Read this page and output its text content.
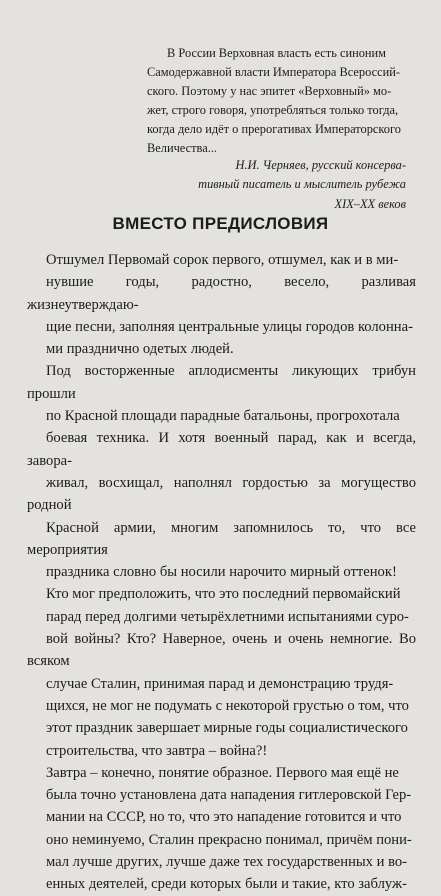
В России Верховная власть есть синоним
Самодержавной власти Императора Всероссий-
ского. Поэтому у нас эпитет «Верховный» мо-
жет, строго говоря, употребляться только тогда,
когда дело идёт о прерогативах Императорского
Величества...
Н.И. Черняев, русский консерва-
тивный писатель и мыслитель рубежа
XIX–XX веков
ВМЕСТО ПРЕДИСЛОВИЯ

Отшумел Первомай сорок первого, отшумел, как и в ми-
нувшие годы, радостно, весело, разливая жизнеутверждаю-
щие песни, заполняя центральные улицы городов колонна-
ми празднично одетых людей.

Под восторженные аплодисменты ликующих трибун прошли
по Красной площади парадные батальоны, прогрохотала
боевая техника. И хотя военный парад, как и всегда, заворa-
живал, восхищал, наполнял гордостью за могущество родной
Красной армии, многим запомнилось то, что все мероприятия
праздника словно бы носили нарочито мирный оттенок!

Кто мог предположить, что это последний первомайский
парад перед долгими четырёхлетними испытаниями суро-
вой войны? Кто? Наверное, очень и очень немногие. Во всяком
случае Сталин, принимая парад и демонстрацию трудя-
щихся, не мог не подумать с некоторой грустью о том, что
этот праздник завершает мирные годы социалистического
строительства, что завтра – война?!

Завтра – конечно, понятие образное. Первого мая ещё не
была точно установлена дата нападения гитлеровской Гер-
мании на СССР, но то, что это нападение готовится и что
оно неминуемо, Сталин прекрасно понимал, причём пони-
мал лучше других, лучше даже тех государственных и во-
енных деятелей, среди которых были и такие, кто заблуж-
